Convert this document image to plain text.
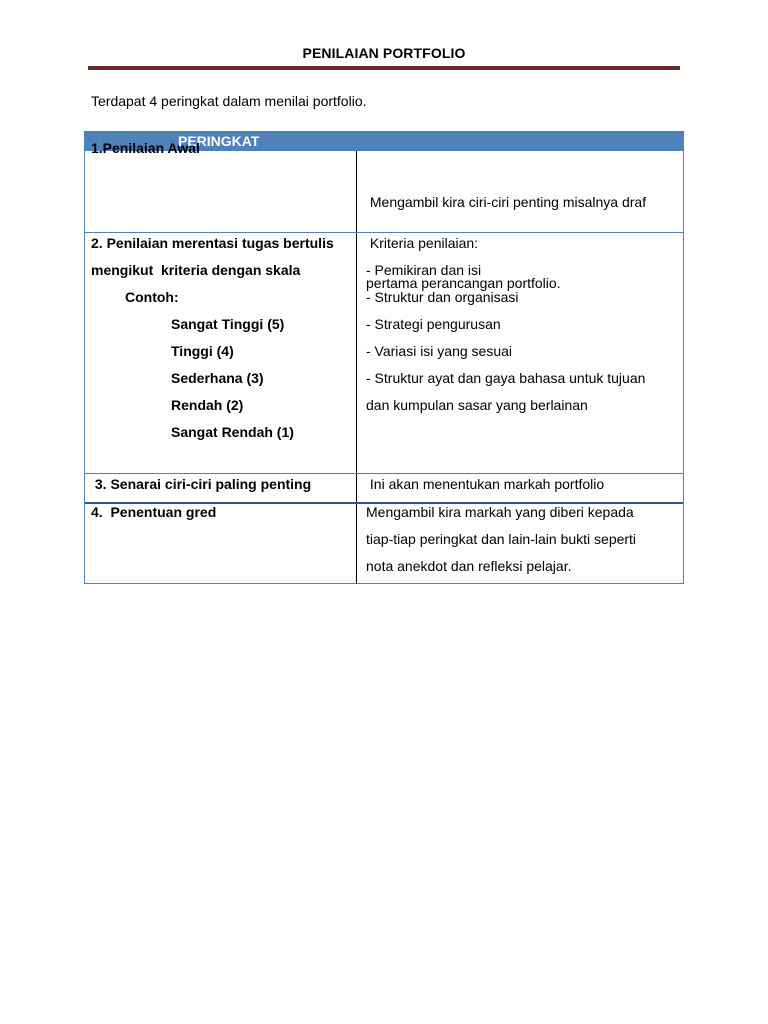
PENILAIAN PORTFOLIO
Terdapat 4 peringkat dalam menilai portfolio.
PERINGKAT
1.Penilaian Awal

Mengambil kira ciri-ciri penting misalnya draf

pertama perancangan portfolio.

2. Penilaian merentasi tugas bertulis
mengikut  kriteria dengan skala
Contoh:
Sangat Tinggi (5)
Tinggi (4)
Sederhana (3)
Rendah (2)
Sangat Rendah (1)
Kriteria penilaian:
- Pemikiran dan isi
- Struktur dan organisasi
- Strategi pengurusan
- Variasi isi yang sesuai
- Struktur ayat dan gaya bahasa untuk tujuan
dan kumpulan sasar yang berlainan
3. Senarai ciri-ciri paling penting	Ini akan menentukan markah portfolio
4.  Penentuan gred	Mengambil kira markah yang diberi kepada
tiap-tiap peringkat dan lain-lain bukti seperti
nota anekdot dan refleksi pelajar.
